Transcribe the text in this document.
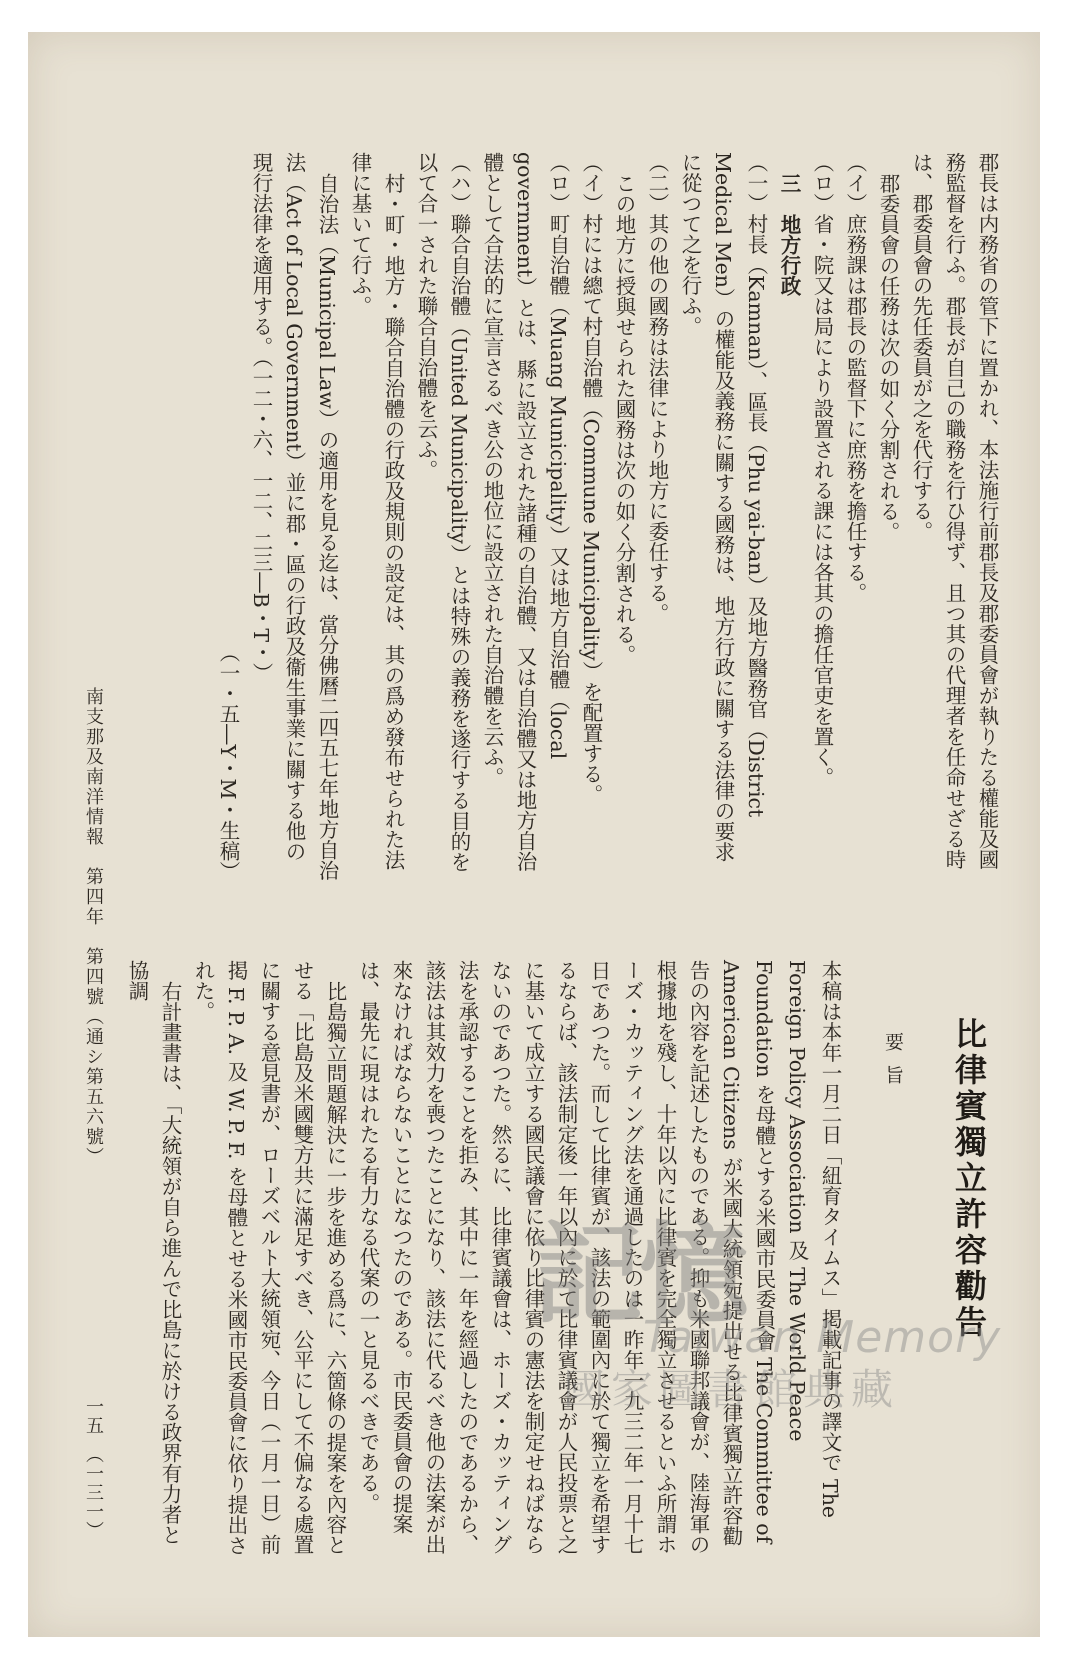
郡長は内務省の管下に置かれ、本法施行前郡長及郡委員會が執りたる權能及國務監督を行ふ。郡長が自己の職務を行ひ得ず、且つ其の代理者を任命せざる時は、郡委員會の先任委員が之を代行する。

郡委員會の任務は次の如く分割される。

（イ）庶務課は郡長の監督下に庶務を擔任する。

（ロ）省・院又は局により設置される課には各其の擔任官吏を置く。

三　地方行政

（一）村長（Kamnan）、區長（Phu yai-ban）及地方醫務官（District Medical Men）の權能及義務に關する國務は、地方行政に關する法律の要求に從つて之を行ふ。

（二）其の他の國務は法律により地方に委任する。

この地方に授與せられた國務は次の如く分割される。

（イ）村には總て村自治體（Commune Municipality）を配置する。

（ロ）町自治體（Muang Municipality）又は地方自治體（local government）とは、縣に設立された諸種の自治體、又は自治體又は地方自治體として合法的に宣言さるべき公の地位に設立された自治體を云ふ。

（ハ）聯合自治體（United Municipality）とは特殊の義務を遂行する目的を以て合一された聯合自治體を云ふ。

村・町・地方・聯合自治體の行政及規則の設定は、其の爲め發布せられた法律に基いて行ふ。

自治法（Municipal Law）の適用を見る迄は、當分佛曆二四五七年地方自治法（Act of Local Government）並に郡・區の行政及衞生事業に關する他の現行法律を適用する。（一二・六、一二、二三―B・T・）

（一・五―Y・M・生稿）

比律賓獨立許容勸告
要旨

本稿は本年一月二日「紐育タイムス」掲載記事の譯文で The Foreign Policy Association 及 The World Peace Foundation を母體とする米國市民委員會 The Committee of American Citizens が米國大統領宛提出せる比律賓獨立許容勸告の內容を記述したものである。抑も米國聯邦議會が、陸海軍の根據地を殘し、十年以內に比律賓を完全獨立させるといふ所謂ホーズ・カッティング法を通過したのは一昨年一九三二年一月十七日であつた。而して比律賓が、該法の範圍內に於て獨立を希望するならば、該法制定後一年以內に於て比律賓議會が人民投票と之に基いて成立する國民議會に依り比律賓の憲法を制定せねばならないのであつた。然るに、比律賓議會は、ホーズ・カッティング法を承認することを拒み、其中に一年を經過したのであるから、該法は其效力を喪つたことになり、該法に代るべき他の法案が出來なければならないことになつたのである。市民委員會の提案は、最先に現はれたる有力なる代案の一と見るべきである。

比島獨立問題解決に一步を進める爲に、六箇條の提案を內容とせる「比島及米國雙方共に滿足すべき、公平にして不偏なる處置に關する意見書が、ローズベルト大統領宛、今日（一月一日）前掲 F. P. A. 及 W. P. F. を母體とせる米國市民委員會に依り提出された。

右計畫書は、「大統領が自ら進んで比島に於ける政界有力者と協調

南支那及南洋情報　第四年　第四號（通シ第五六號）
一五　（一三一）
記憶
Taiwan Memory
國家圖書館典藏
